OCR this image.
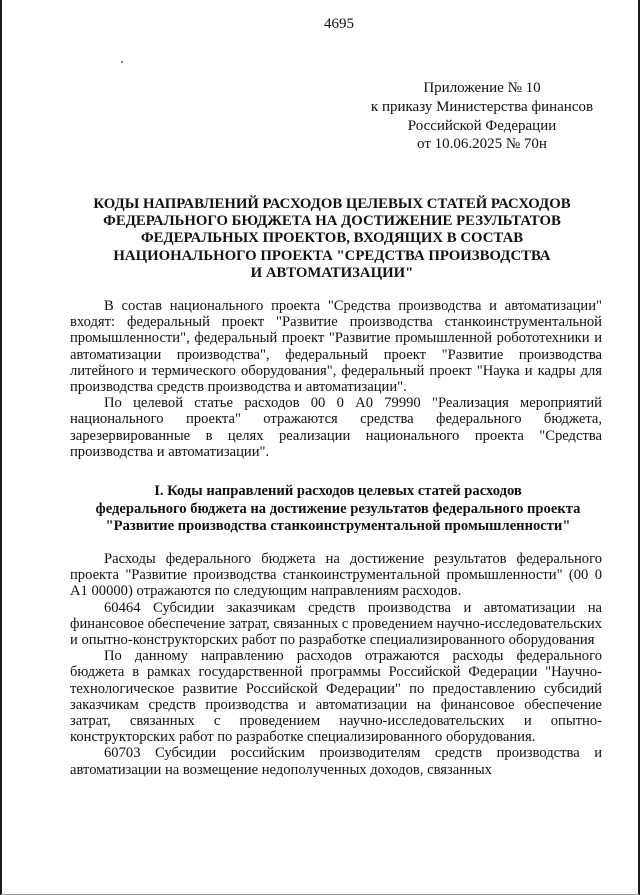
4695
Приложение № 10
к приказу Министерства финансов
Российской Федерации
от 10.06.2025 № 70н
КОДЫ НАПРАВЛЕНИЙ РАСХОДОВ ЦЕЛЕВЫХ СТАТЕЙ РАСХОДОВ
ФЕДЕРАЛЬНОГО БЮДЖЕТА НА ДОСТИЖЕНИЕ РЕЗУЛЬТАТОВ
ФЕДЕРАЛЬНЫХ ПРОЕКТОВ, ВХОДЯЩИХ В СОСТАВ
НАЦИОНАЛЬНОГО ПРОЕКТА "СРЕДСТВА ПРОИЗВОДСТВА
И АВТОМАТИЗАЦИИ"

В состав национального проекта "Средства производства и автоматизации" входят: федеральный проект "Развитие производства станкоинструментальной промышленности", федеральный проект "Развитие промышленной робототехники и автоматизации производства", федеральный проект "Развитие производства литейного и термического оборудования", федеральный проект "Наука и кадры для производства средств производства и автоматизации".

По целевой статье расходов 00 0 А0 79990 "Реализация мероприятий национального проекта" отражаются средства федерального бюджета, зарезервированные в целях реализации национального проекта "Средства производства и автоматизации".

I. Коды направлений расходов целевых статей расходов
федерального бюджета на достижение результатов федерального проекта
"Развитие производства станкоинструментальной промышленности"

Расходы федерального бюджета на достижение результатов федерального проекта "Развитие производства станкоинструментальной промышленности" (00 0 А1 00000) отражаются по следующим направлениям расходов.

60464 Субсидии заказчикам средств производства и автоматизации на финансовое обеспечение затрат, связанных с проведением научно-исследовательских и опытно-конструкторских работ по разработке специализированного оборудования

По данному направлению расходов отражаются расходы федерального бюджета в рамках государственной программы Российской Федерации "Научно-технологическое развитие Российской Федерации" по предоставлению субсидий заказчикам средств производства и автоматизации на финансовое обеспечение затрат, связанных с проведением научно-исследовательских и опытно-конструкторских работ по разработке специализированного оборудования.

60703 Субсидии российским производителям средств производства и автоматизации на возмещение недополученных доходов, связанных
